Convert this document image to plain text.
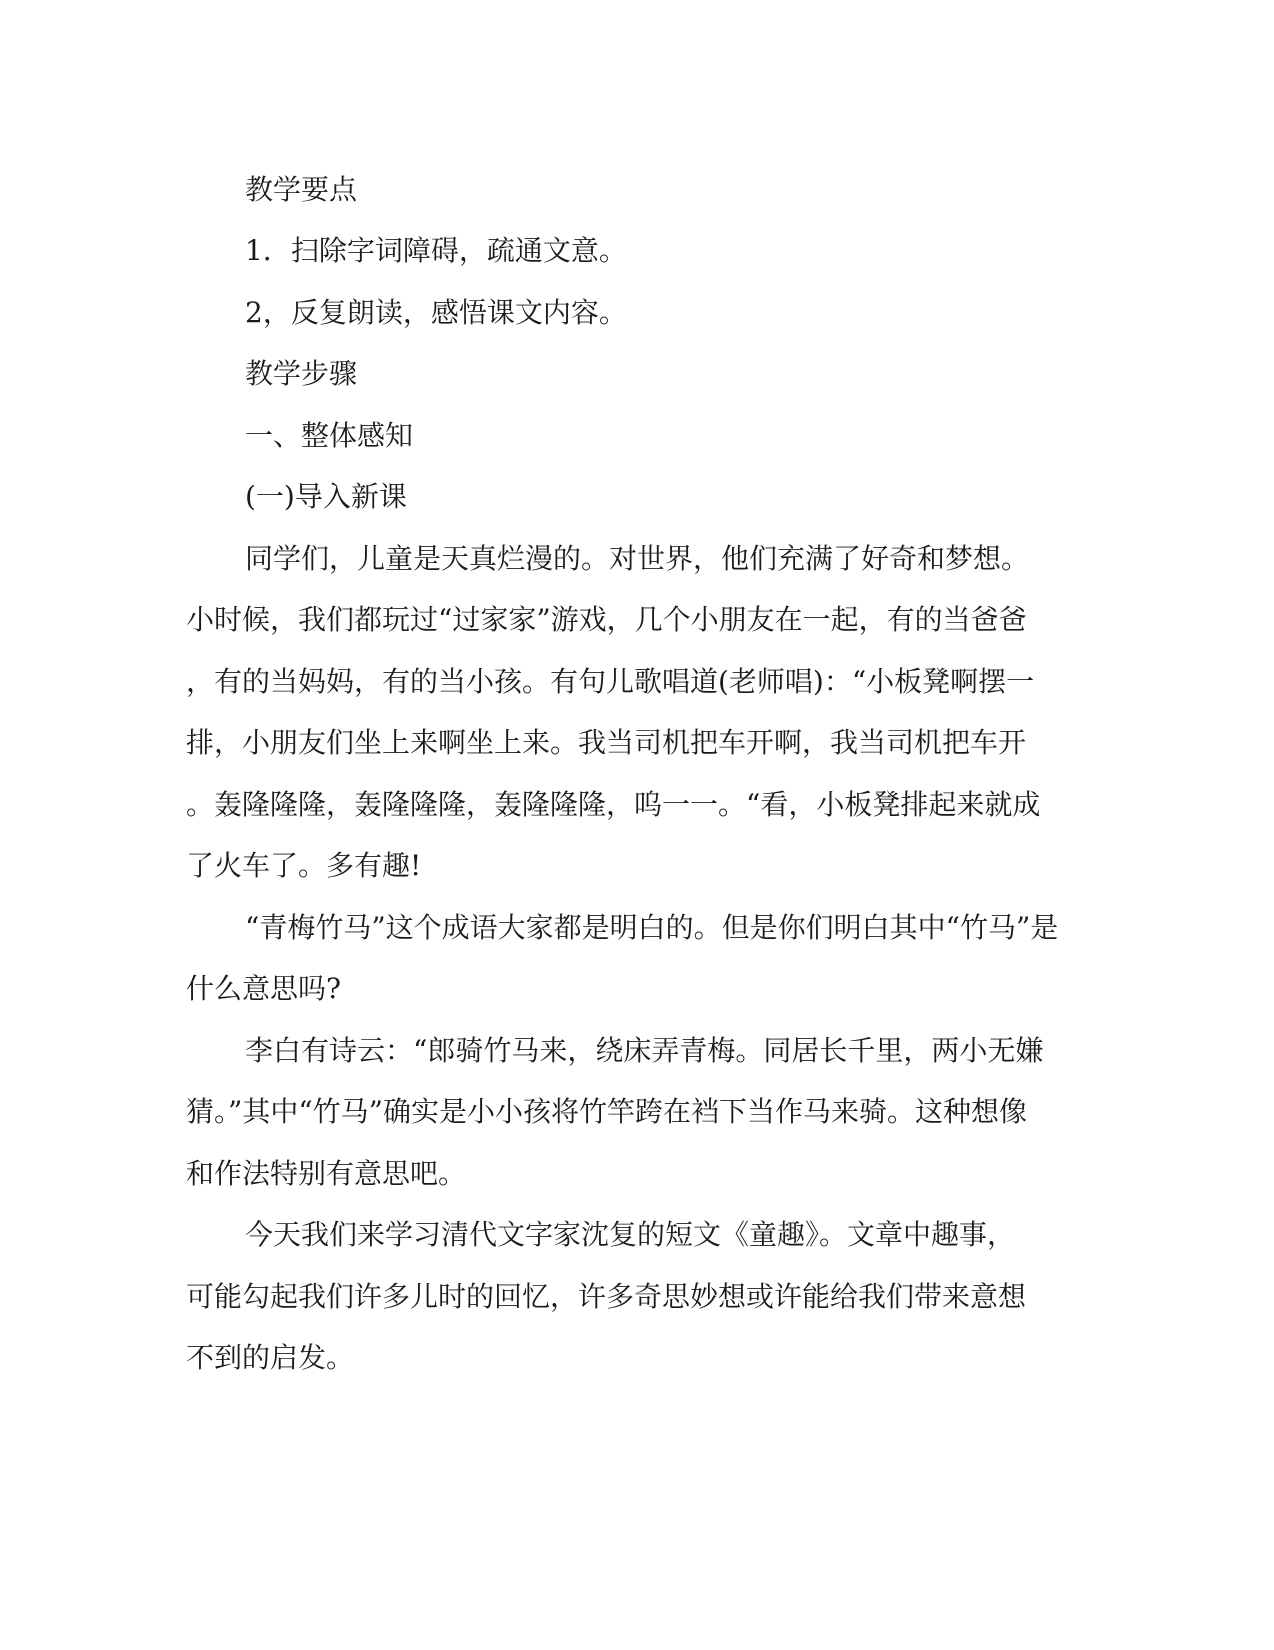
教学要点
1．扫除字词障碍，疏通文意。
2，反复朗读，感悟课文内容。
教学步骤
一、整体感知
(一)导入新课
同学们，儿童是天真烂漫的。对世界，他们充满了好奇和梦想。
小时候，我们都玩过“过家家”游戏，几个小朋友在一起，有的当爸爸
，有的当妈妈，有的当小孩。有句儿歌唱道(老师唱)：“小板凳啊摆一
排，小朋友们坐上来啊坐上来。我当司机把车开啊，我当司机把车开
。轰隆隆隆，轰隆隆隆，轰隆隆隆，呜一一。“看，小板凳排起来就成
了火车了。多有趣!
“青梅竹马”这个成语大家都是明白的。但是你们明白其中“竹马”是
什么意思吗?
李白有诗云：“郎骑竹马来，绕床弄青梅。同居长千里，两小无嫌
猜。”其中“竹马”确实是小小孩将竹竿跨在裆下当作马来骑。这种想像
和作法特别有意思吧。
今天我们来学习清代文字家沈复的短文《童趣》。文章中趣事，
可能勾起我们许多儿时的回忆，许多奇思妙想或许能给我们带来意想
不到的启发。
